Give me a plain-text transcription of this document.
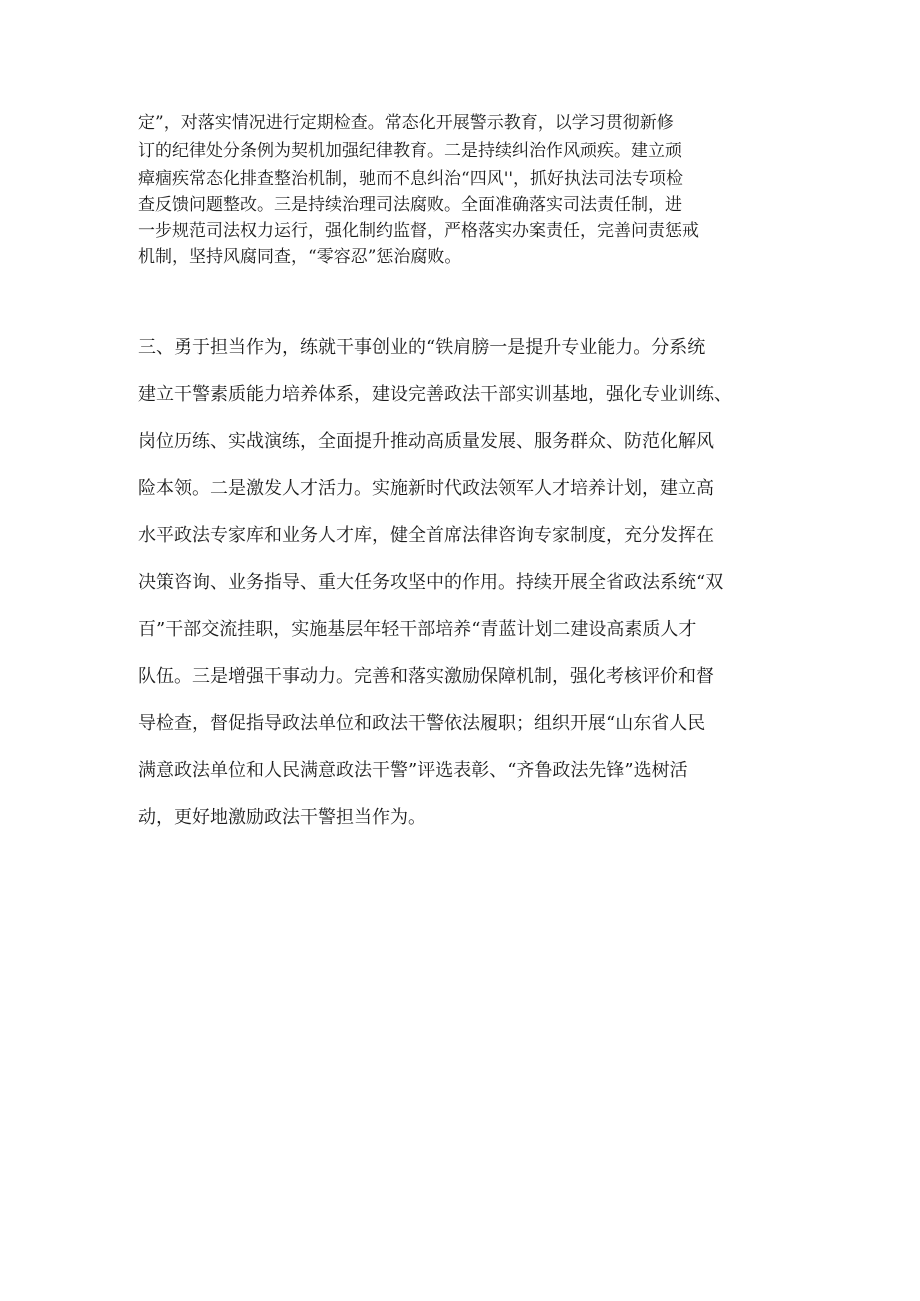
定”，对落实情况进行定期检查。常态化开展警示教育，以学习贯彻新修
订的纪律处分条例为契机加强纪律教育。二是持续纠治作风顽疾。建立顽
瘴痼疾常态化排查整治机制，驰而不息纠治“四风''，抓好执法司法专项检
查反馈问题整改。三是持续治理司法腐败。全面准确落实司法责任制，进
一步规范司法权力运行，强化制约监督，严格落实办案责任，完善问责惩戒
机制，坚持风腐同查，“零容忍”惩治腐败。
三、勇于担当作为，练就干事创业的“铁肩膀一是提升专业能力。分系统
建立干警素质能力培养体系，建设完善政法干部实训基地，强化专业训练、
岗位历练、实战演练，全面提升推动高质量发展、服务群众、防范化解风
险本领。二是激发人才活力。实施新时代政法领军人才培养计划，建立高
水平政法专家库和业务人才库，健全首席法律咨询专家制度，充分发挥在
决策咨询、业务指导、重大任务攻坚中的作用。持续开展全省政法系统“双
百”干部交流挂职，实施基层年轻干部培养“青蓝计划二建设高素质人才
队伍。三是增强干事动力。完善和落实激励保障机制，强化考核评价和督
导检查，督促指导政法单位和政法干警依法履职；组织开展“山东省人民
满意政法单位和人民满意政法干警”评选表彰、“齐鲁政法先锋”选树活
动，更好地激励政法干警担当作为。
